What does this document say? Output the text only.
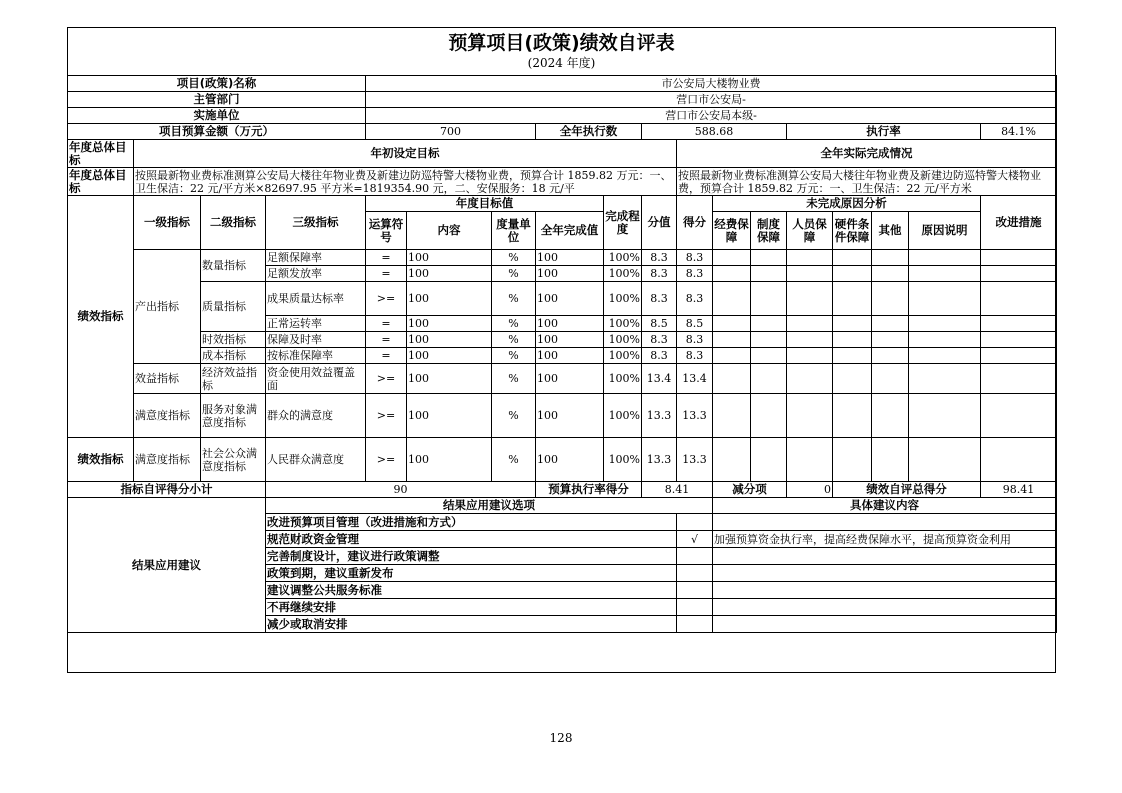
预算项目(政策)绩效自评表
(2024 年度)
项目(政策)名称				市公安局大楼物业费													
主管部门				营口市公安局-													
实施单位				营口市公安局本级-													
项目预算金额（万元）				700			全年执行数		588.68				执行率				84.1%
年度总体目标	年初设定目标									全年实际完成情况							

年度总体目标	按照最新物业费标准测算公安局大楼往年物业费及新建边防巡特警大楼物业费，预算合计 1859.82 万元：一、卫生保洁：22 元/平方米×82697.95 平方米=1819354.90 元，二、安保服务：18 元/平									按照最新物业费标准测算公安局大楼往年物业费及新建边防巡特警大楼物业费，预算合计 1859.82 万元：一、卫生保洁：22 元/平方米							

绩效指标	一级指标	二级指标	三级指标	年度目标值				完成程度	分值	得分	未完成原因分析						改进措施
				运算符号	内容	度量单位	全年完成值				经费保障	制度保障	人员保障	硬件条件保障	其他	原因说明	
	产出指标	数量指标	足额保障率	=	100	%	100	100%	8.3	8.3							
			足额发放率	=	100	%	100	100%	8.3	8.3							
		质量指标	成果质量达标率	>=	100	%	100	100%	8.3	8.3							
			正常运转率	=	100	%	100	100%	8.5	8.5							
		时效指标	保障及时率	=	100	%	100	100%	8.3	8.3							
		成本指标	按标准保障率	=	100	%	100	100%	8.3	8.3							
	效益指标	经济效益指标	资金使用效益覆盖面	>=	100	%	100	100%	13.4	13.4							
	满意度指标	服务对象满意度指标	群众的满意度	>=	100	%	100	100%	13.3	13.3							
绩效指标	满意度指标	社会公众满意度指标	人民群众满意度	>=	100	%	100	100%	13.3	13.3							
指标自评得分小计			90				预算执行率得分		8.41		减分项		0	绩效自评总得分			98.41
结果应用建议			结果应用建议选项								具体建议内容						
			改进预算项目管理（改进措施和方式）														
			规范财政资金管理							√	加强预算资金执行率，提高经费保障水平，提高预算资金利用						
			完善制度设计，建议进行政策调整														
			政策到期，建议重新发布														
			建议调整公共服务标准														
			不再继续安排														
			减少或取消安排														
128
